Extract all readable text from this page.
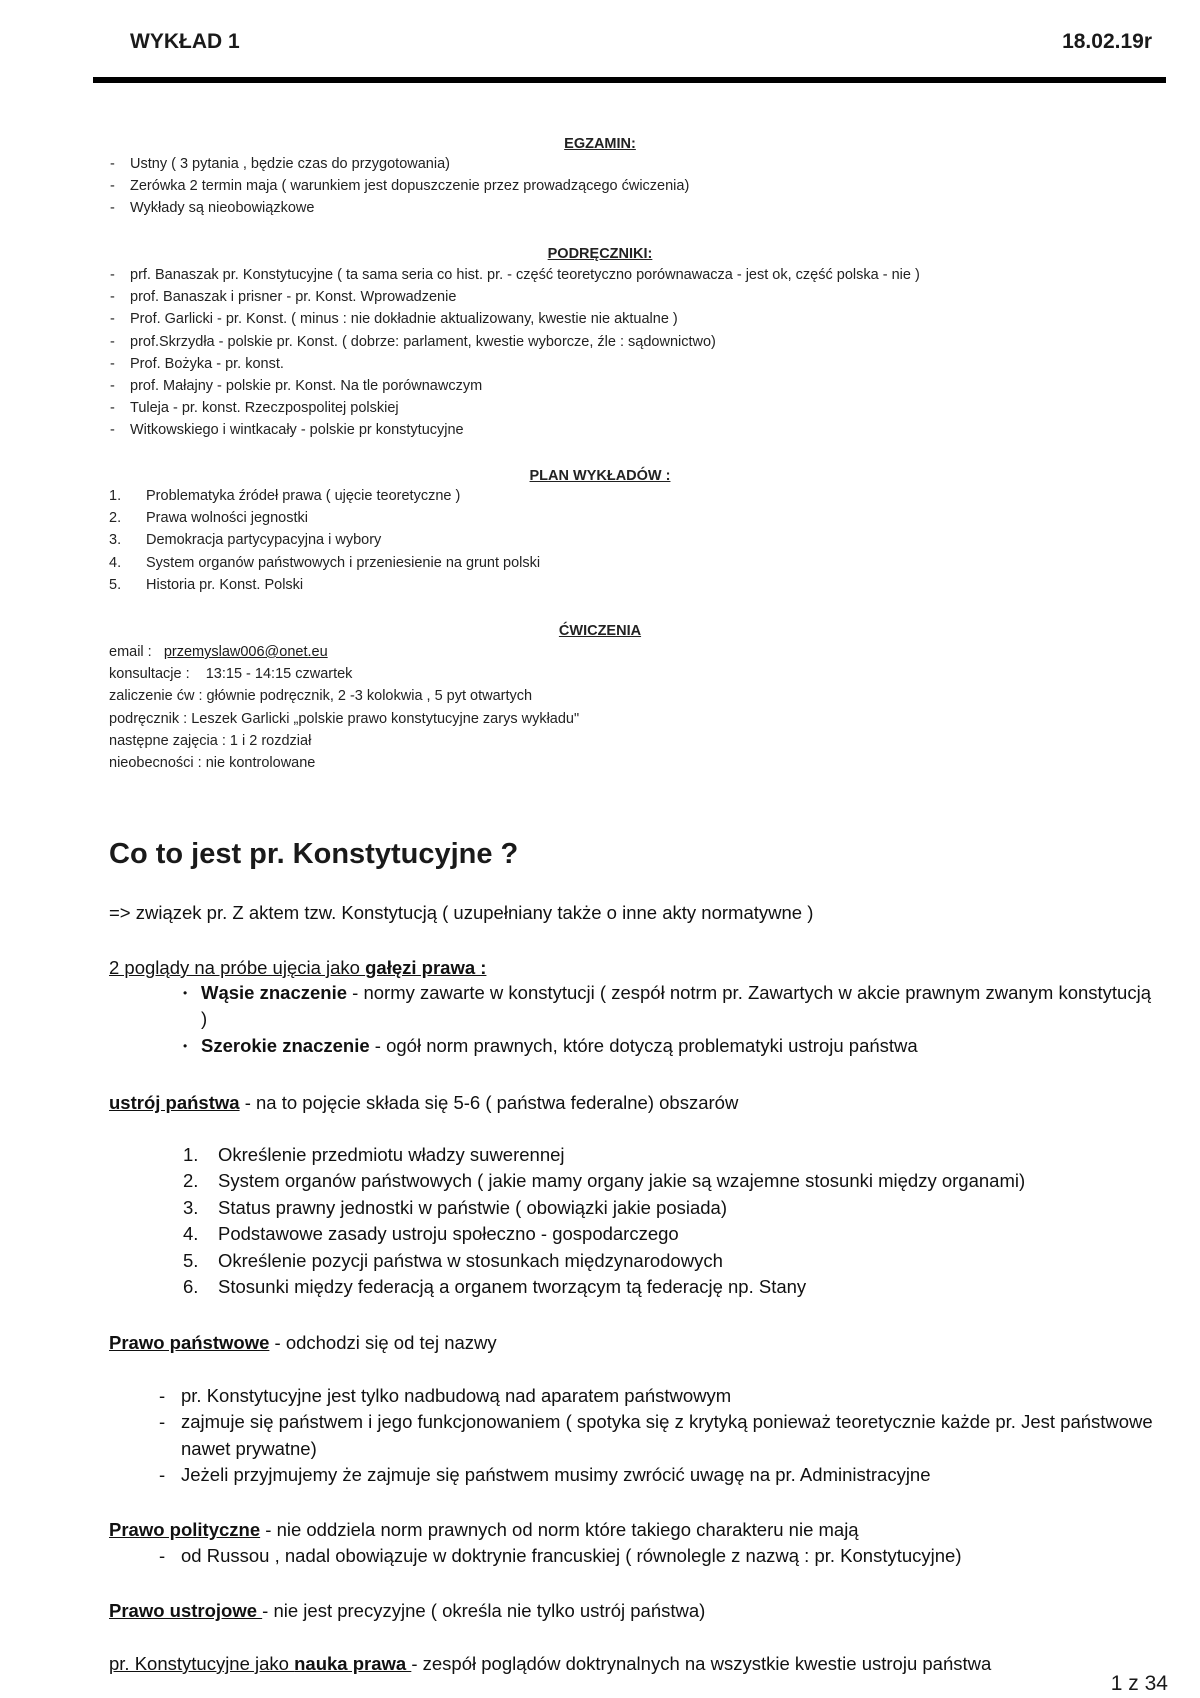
WYKŁAD 1	18.02.19r
EGZAMIN:
- Ustny ( 3 pytania , będzie czas do przygotowania)
- Zerówka 2 termin maja ( warunkiem jest dopuszczenie przez prowadzącego ćwiczenia)
- Wykłady są nieobowiązkowe
PODRĘCZNIKI:
- prf. Banaszak pr. Konstytucyjne ( ta sama seria co hist. pr. - część teoretyczno porównawacza - jest ok, część polska - nie )
- prof. Banaszak i prisner - pr. Konst. Wprowadzenie
- Prof. Garlicki - pr. Konst. ( minus : nie dokładnie aktualizowany, kwestie nie aktualne )
- prof.Skrzydła - polskie pr. Konst. ( dobrze: parlament, kwestie wyborcze, źle : sądownictwo)
- Prof. Bożyka - pr. konst.
- prof. Małajny - polskie pr. Konst. Na tle porównawczym
- Tuleja - pr. konst. Rzeczpospolitej polskiej
- Witkowskiego i wintkacały - polskie pr konstytucyjne
PLAN WYKŁADÓW :
1.	Problematyka źródeł prawa ( ujęcie teoretyczne )
2.	Prawa wolności jegnostki
3.	Demokracja partycypacyjna i wybory
4.	System organów państwowych i przeniesienie na grunt polski
5.	Historia pr. Konst. Polski
ĆWICZENIA
email : przemyslaw006@onet.eu
konsultacje : 13:15 - 14:15 czwartek
zaliczenie ćw : głównie podręcznik, 2 -3 kolokwia , 5 pyt otwartych
podręcznik : Leszek Garlicki „polskie prawo konstytucyjne zarys wykładu"
następne zajęcia : 1 i 2 rozdział
nieobecności : nie kontrolowane
Co to jest pr. Konstytucyjne ?
=> związek pr. Z aktem tzw. Konstytucją ( uzupełniany także o inne akty normatywne )
2 poglądy na próbe ujęcia jako gałęzi prawa :
• Wąsie znaczenie - normy zawarte w konstytucji ( zespół notrm pr. Zawartych w akcie prawnym zwanym konstytucją )
• Szerokie znaczenie - ogół norm prawnych, które dotyczą problematyki ustroju państwa
ustrój państwa - na to pojęcie składa się 5-6 ( państwa federalne) obszarów
1.	Określenie przedmiotu władzy suwerennej
2.	System organów państwowych ( jakie mamy organy jakie są wzajemne stosunki między organami)
3.	Status prawny jednostki w państwie ( obowiązki jakie posiada)
4.	Podstawowe zasady ustroju społeczno - gospodarczego
5.	Określenie pozycji państwa w stosunkach międzynarodowych
6.	Stosunki między federacją a organem tworzącym tą federację np. Stany
Prawo państwowe - odchodzi się od tej nazwy
- pr. Konstytucyjne jest tylko nadbudową nad aparatem państwowym
- zajmuje się państwem i jego funkcjonowaniem ( spotyka się z krytyką ponieważ teoretycznie każde pr. Jest państwowe nawet prywatne)
- Jeżeli przyjmujemy że zajmuje się państwem musimy zwrócić uwagę na pr. Administracyjne
Prawo polityczne - nie oddziela norm prawnych od norm które takiego charakteru nie mają
- od Russou , nadal obowiązuje w doktrynie francuskiej ( równolegle z nazwą : pr. Konstytucyjne)
Prawo ustrojowe - nie jest precyzyjne ( określa nie tylko ustrój państwa)
pr. Konstytucyjne jako nauka prawa - zespół poglądów doktrynalnych na wszystkie kwestie ustroju państwa
1 z 34
